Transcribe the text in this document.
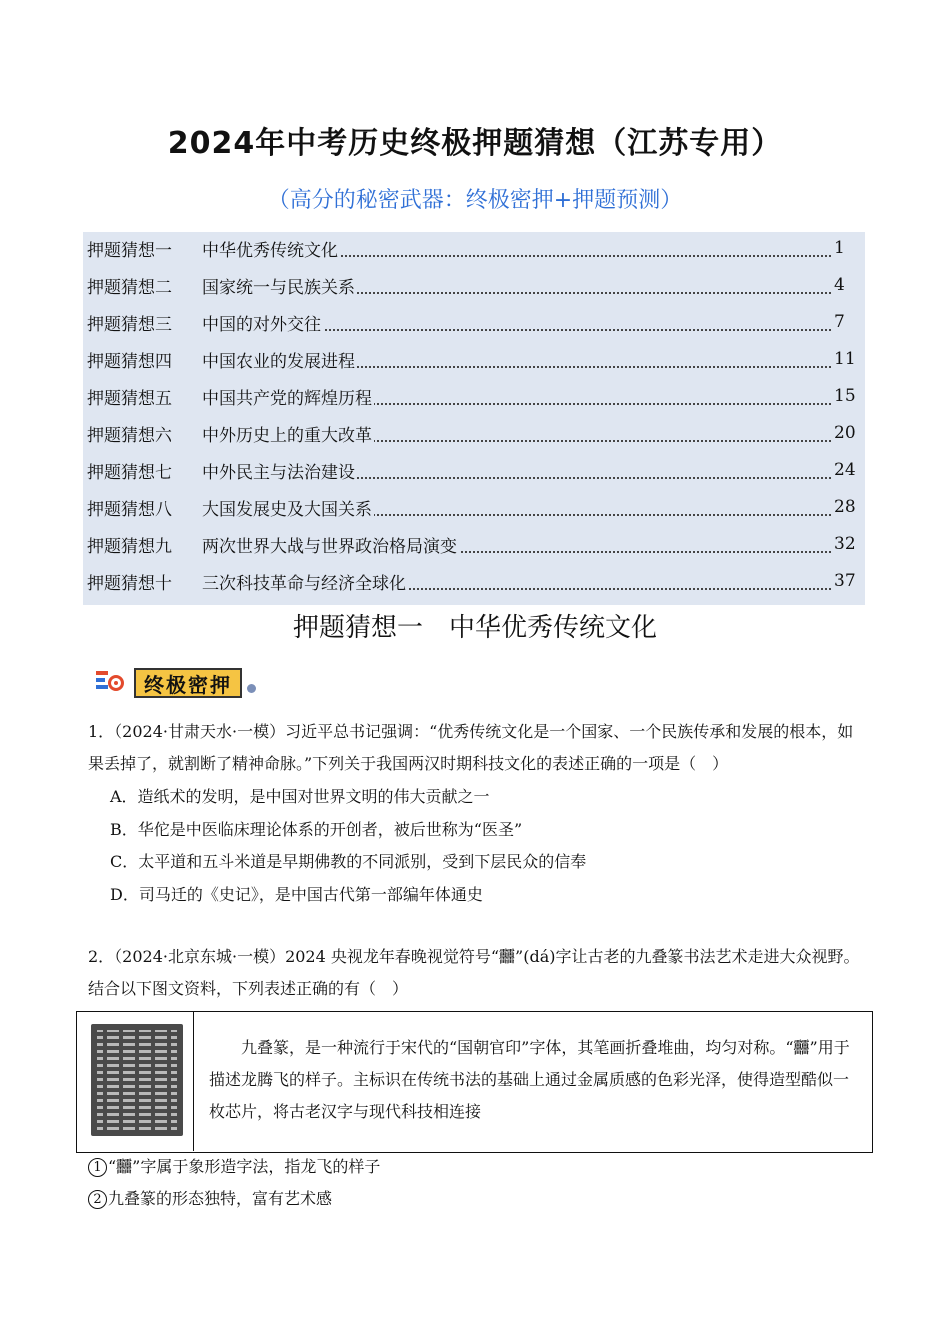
2024年中考历史终极押题猜想（江苏专用）
（高分的秘密武器：终极密押+押题预测）
押题猜想一 中华优秀传统文化	1
押题猜想二 国家统一与民族关系	4
押题猜想三 中国的对外交往	7
押题猜想四 中国农业的发展进程	11
押题猜想五 中国共产党的辉煌历程	15
押题猜想六 中外历史上的重大改革	20
押题猜想七 中外民主与法治建设	24
押题猜想八 大国发展史及大国关系	28
押题猜想九 两次世界大战与世界政治格局演变	32
押题猜想十 三次科技革命与经济全球化	37
押题猜想一　中华优秀传统文化
终极密押
1．（2024·甘肃天水·一模）习近平总书记强调：“优秀传统文化是一个国家、一个民族传承和发展的根本，如果丢掉了，就割断了精神命脉。”下列关于我国两汉时期科技文化的表述正确的一项是（　）
A．造纸术的发明，是中国对世界文明的伟大贡献之一
B．华佗是中医临床理论体系的开创者，被后世称为“医圣”
C．太平道和五斗米道是早期佛教的不同派别，受到下层民众的信奉
D．司马迁的《史记》，是中国古代第一部编年体通史
2．（2024·北京东城·一模）2024 央视龙年春晚视觉符号“䨻”(dá)字让古老的九叠篆书法艺术走进大众视野。结合以下图文资料，下列表述正确的有（　）
九叠篆，是一种流行于宋代的“国朝官印”字体，其笔画折叠堆曲，均匀对称。“䨻”用于描述龙腾飞的样子。主标识在传统书法的基础上通过金属质感的色彩光泽，使得造型酷似一枚芯片，将古老汉字与现代科技相连接
1 “䨻”字属于象形造字法，指龙飞的样子
2 九叠篆的形态独特，富有艺术感
